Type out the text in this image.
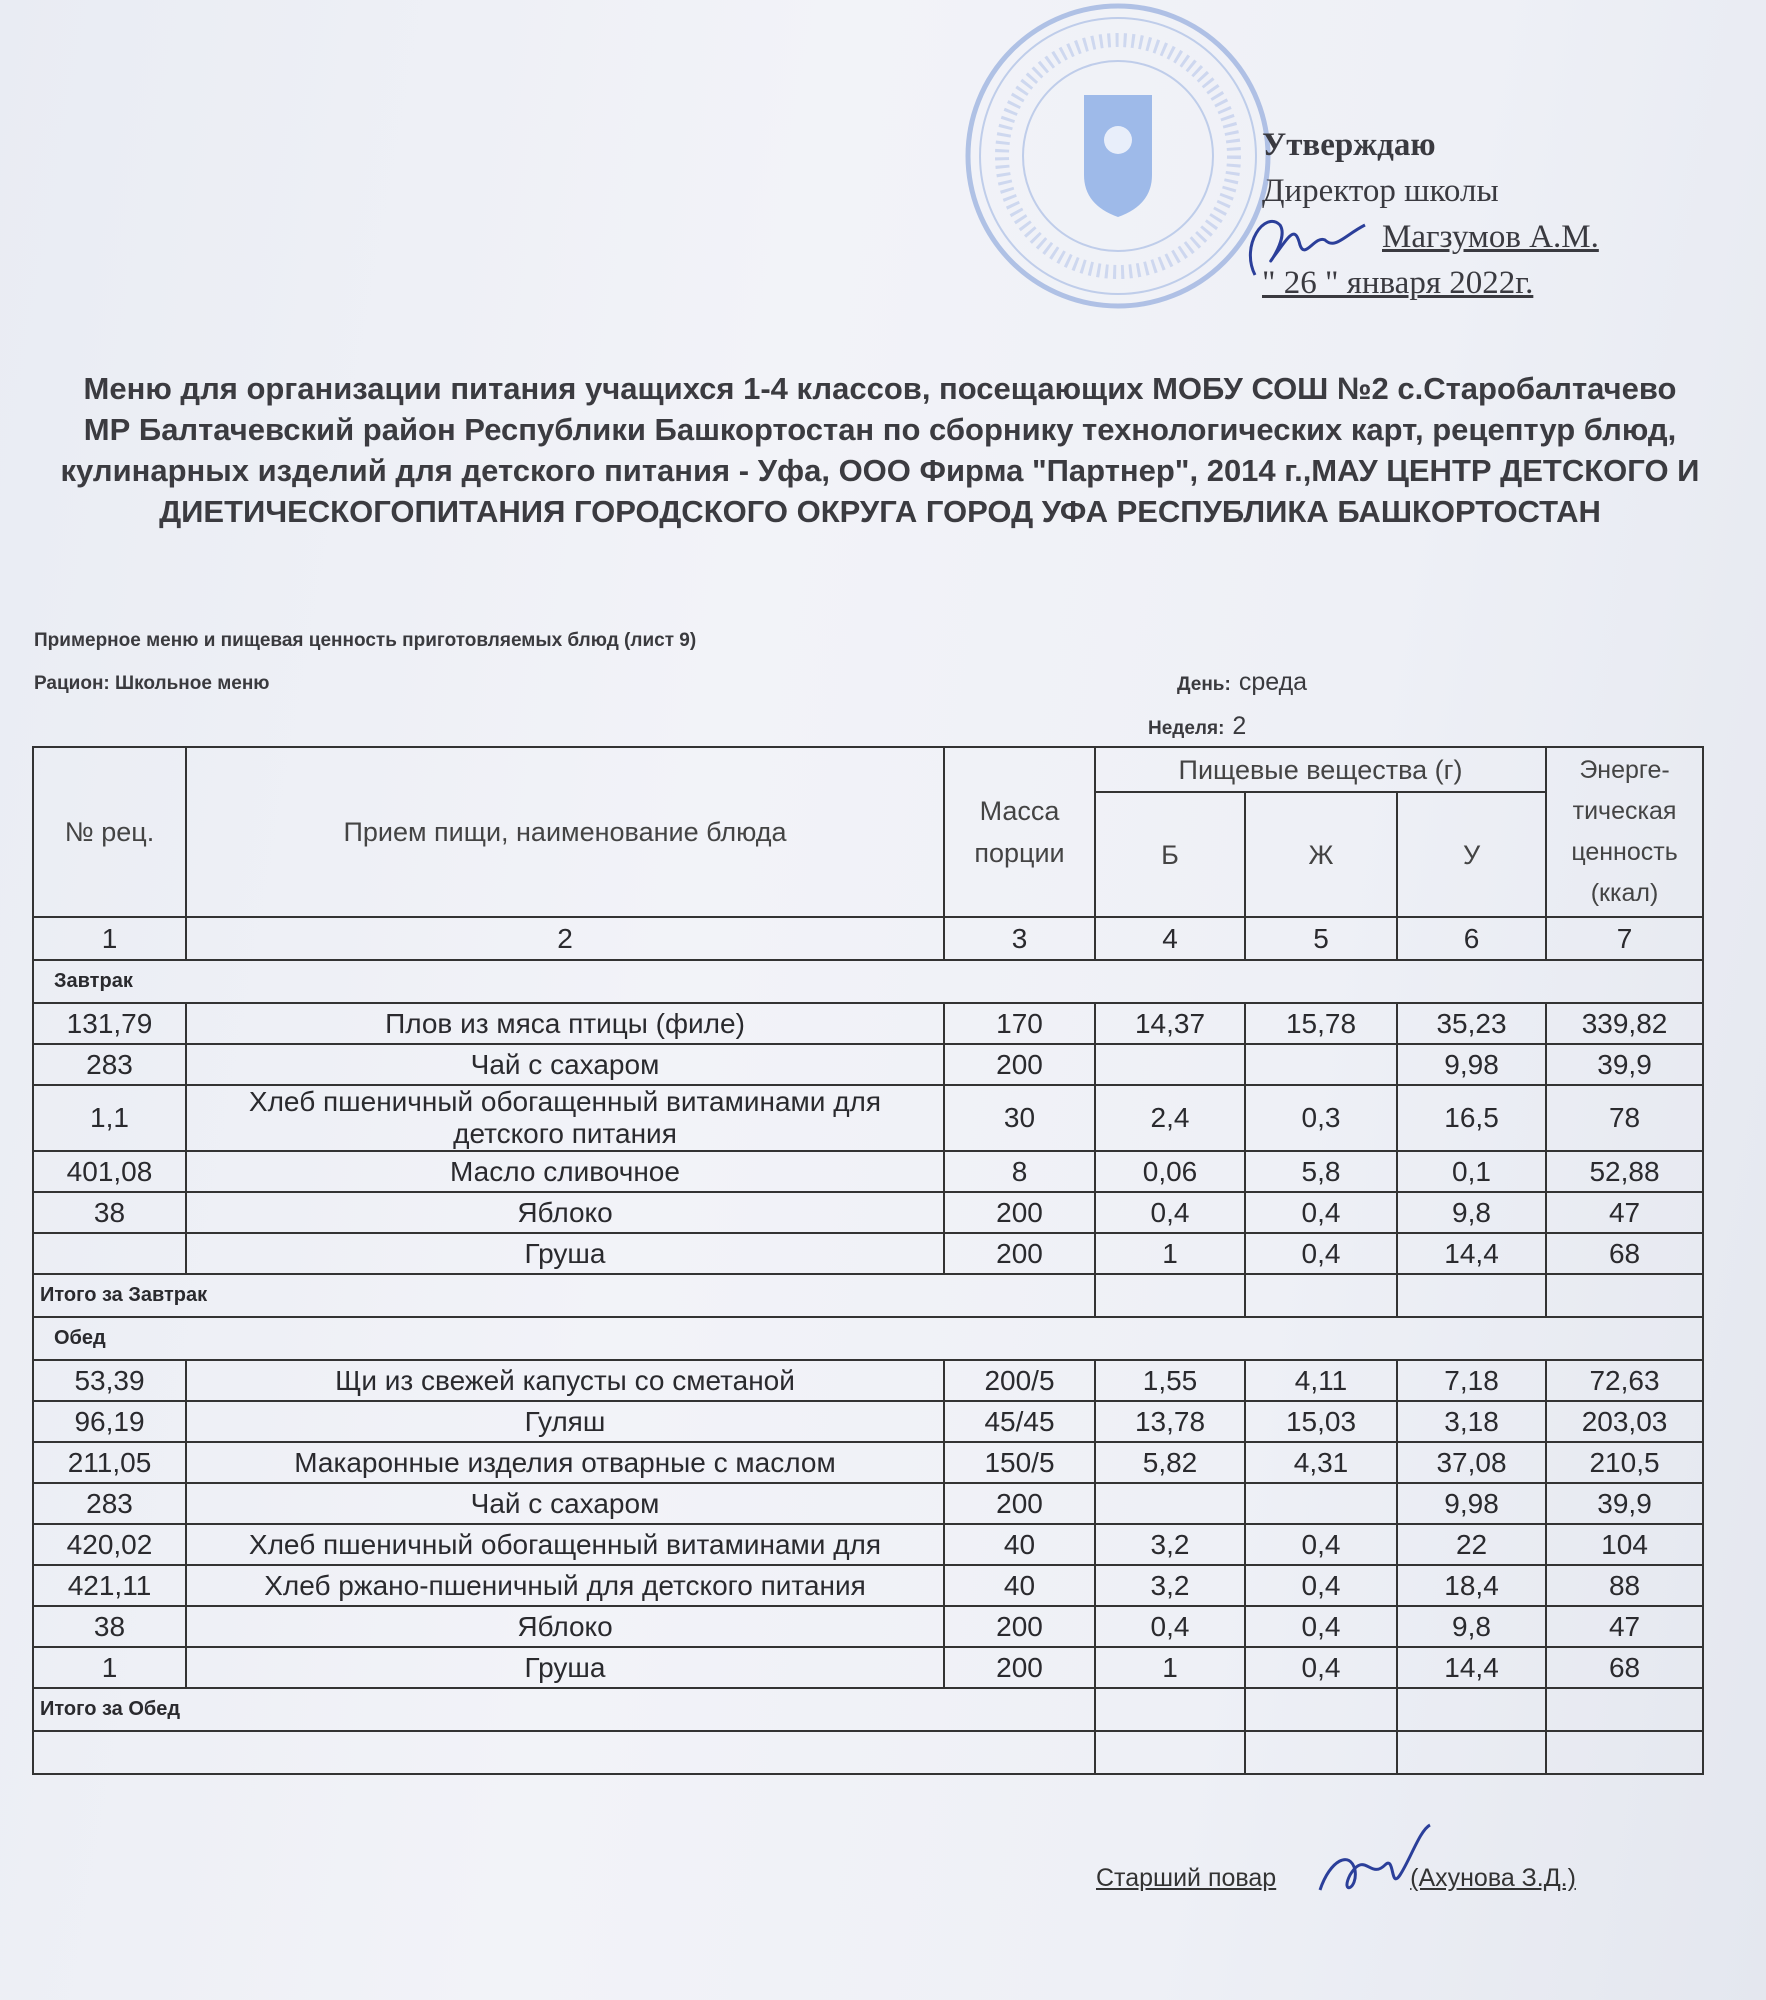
Утверждаю
Директор школы
Магзумов А.М.
" 26 " января 2022г.
Меню для организации питания учащихся 1-4 классов, посещающих МОБУ СОШ №2 с.Старобалтачево МР Балтачевский район Республики Башкортостан по сборнику технологических карт, рецептур блюд, кулинарных изделий для детского питания - Уфа, ООО Фирма "Партнер", 2014 г.,МАУ ЦЕНТР ДЕТСКОГО И ДИЕТИЧЕСКОГОПИТАНИЯ ГОРОДСКОГО ОКРУГА ГОРОД УФА РЕСПУБЛИКА БАШКОРТОСТАН
Примерное меню и пищевая ценность приготовляемых блюд (лист 9)
Рацион: Школьное меню	День: среда
Неделя: 2
№ рец.	Прием пищи, наименование блюда	Масса порции	Пищевые вещества (г)			Энерге-тическая ценность (ккал)
			Б	Ж	У	
1	2	3	4	5	6	7
Завтрак						
131,79	Плов из мяса птицы (филе)	170	14,37	15,78	35,23	339,82
283	Чай с сахаром	200			9,98	39,9
1,1	Хлеб пшеничный обогащенный витаминами для детского питания	30	2,4	0,3	16,5	78
401,08	Масло сливочное	8	0,06	5,8	0,1	52,88
38	Яблоко	200	0,4	0,4	9,8	47
	Груша	200	1	0,4	14,4	68
Итого за Завтрак						
Обед						
53,39	Щи из свежей капусты со сметаной	200/5	1,55	4,11	7,18	72,63
96,19	Гуляш	45/45	13,78	15,03	3,18	203,03
211,05	Макаронные изделия отварные с маслом	150/5	5,82	4,31	37,08	210,5
283	Чай с сахаром	200			9,98	39,9
420,02	Хлеб пшеничный обогащенный витаминами для	40	3,2	0,4	22	104
421,11	Хлеб ржано-пшеничный для детского питания	40	3,2	0,4	18,4	88
38	Яблоко	200	0,4	0,4	9,8	47
1	Груша	200	1	0,4	14,4	68
Итого за Обед						

Старший повар	(Ахунова З.Д.)
